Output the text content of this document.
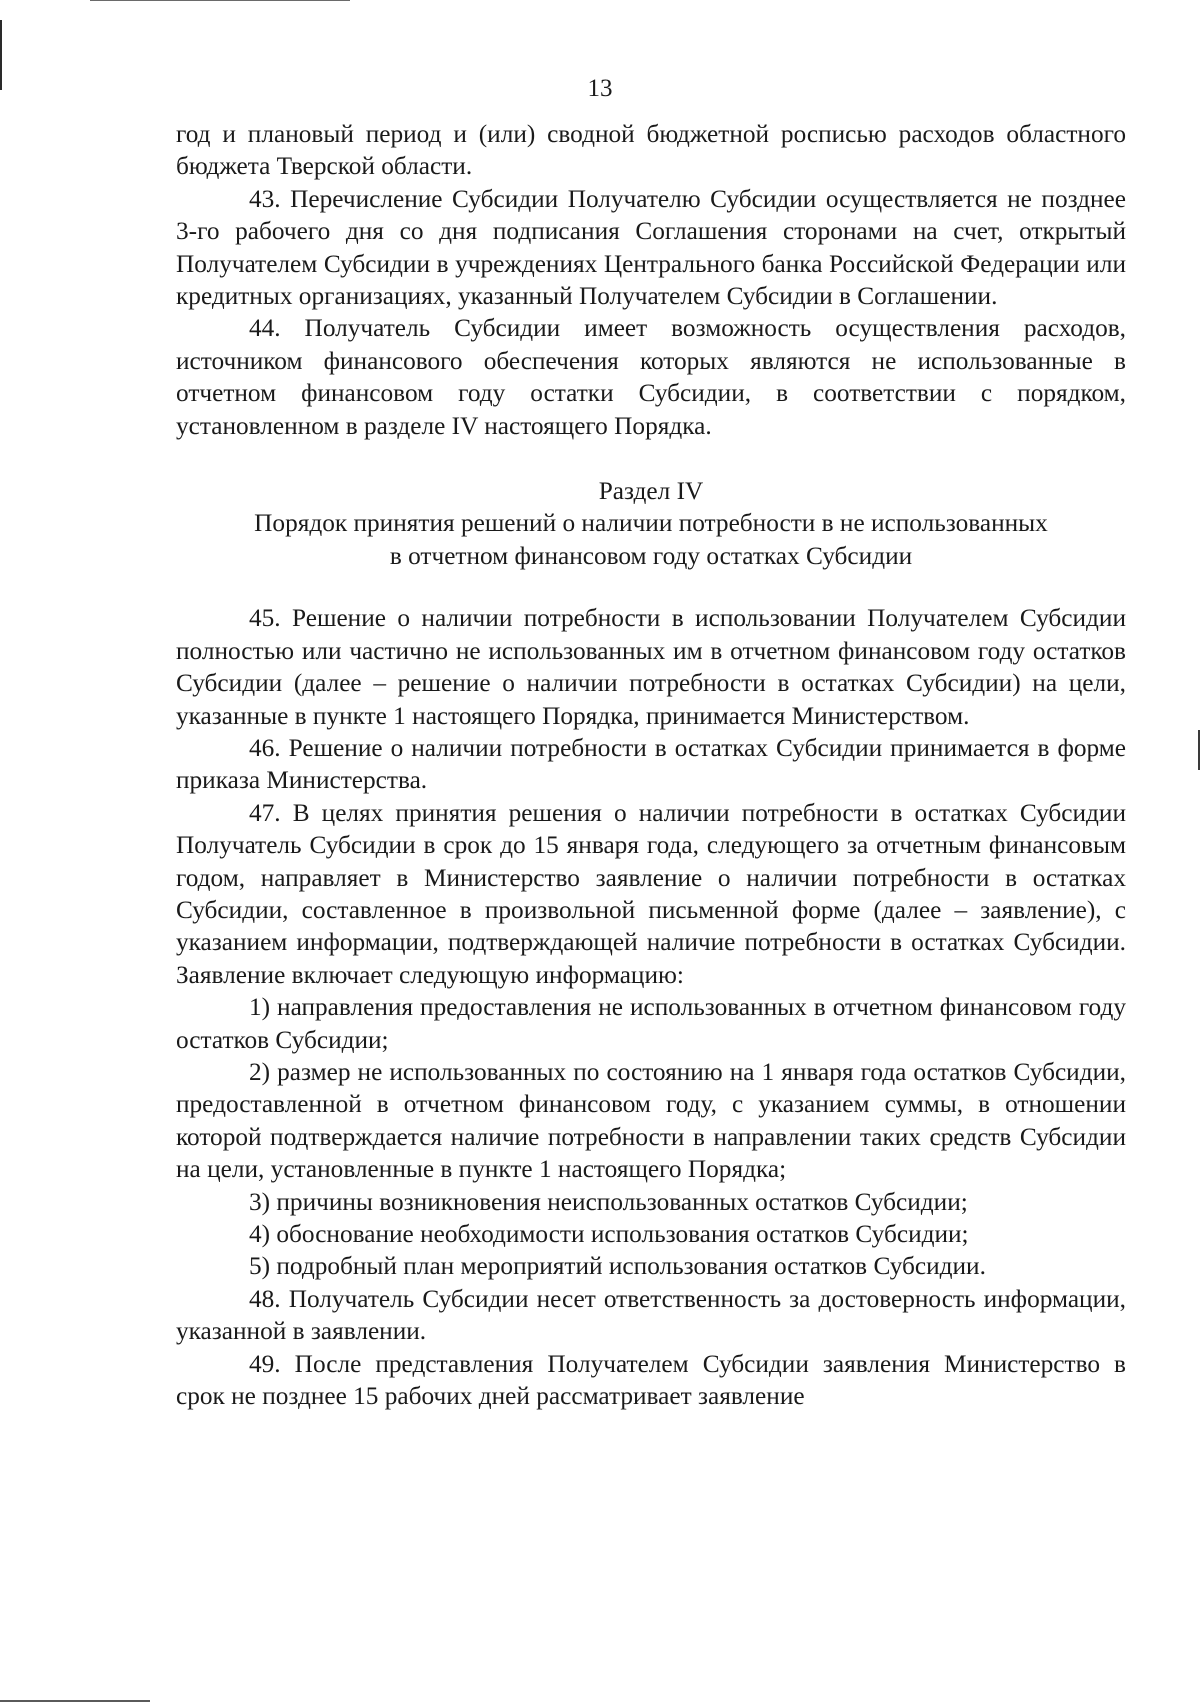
13

год и плановый период и (или) сводной бюджетной росписью расходов областного бюджета Тверской области.

43. Перечисление Субсидии Получателю Субсидии осуществляется не позднее 3-го рабочего дня со дня подписания Соглашения сторонами на счет, открытый Получателем Субсидии в учреждениях Центрального банка Российской Федерации или кредитных организациях, указанный Получателем Субсидии в Соглашении.

44. Получатель Субсидии имеет возможность осуществления расходов, источником финансового обеспечения которых являются не использованные в отчетном финансовом году остатки Субсидии, в соответствии с порядком, установленном в разделе IV настоящего Порядка.

Раздел IV

Порядок принятия решений о наличии потребности в не использованных

в отчетном финансовом году остатках Субсидии

45. Решение о наличии потребности в использовании Получателем Субсидии полностью или частично не использованных им в отчетном финансовом году остатков Субсидии (далее – решение о наличии потребности в остатках Субсидии) на цели, указанные в пункте 1 настоящего Порядка, принимается Министерством.

46. Решение о наличии потребности в остатках Субсидии принимается в форме приказа Министерства.

47. В целях принятия решения о наличии потребности в остатках Субсидии Получатель Субсидии в срок до 15 января года, следующего за отчетным финансовым годом, направляет в Министерство заявление о наличии потребности в остатках Субсидии, составленное в произвольной письменной форме (далее – заявление), с указанием информации, подтверждающей наличие потребности в остатках Субсидии. Заявление включает следующую информацию:

1) направления предоставления не использованных в отчетном финансовом году остатков Субсидии;

2) размер не использованных по состоянию на 1 января года остатков Субсидии, предоставленной в отчетном финансовом году, с указанием суммы, в отношении которой подтверждается наличие потребности в направлении таких средств Субсидии на цели, установленные в пункте 1 настоящего Порядка;

3) причины возникновения неиспользованных остатков Субсидии;

4) обоснование необходимости использования остатков Субсидии;

5) подробный план мероприятий использования остатков Субсидии.

48. Получатель Субсидии несет ответственность за достоверность информации, указанной в заявлении.

49. После представления Получателем Субсидии заявления Министерство в срок не позднее 15 рабочих дней рассматривает заявление
